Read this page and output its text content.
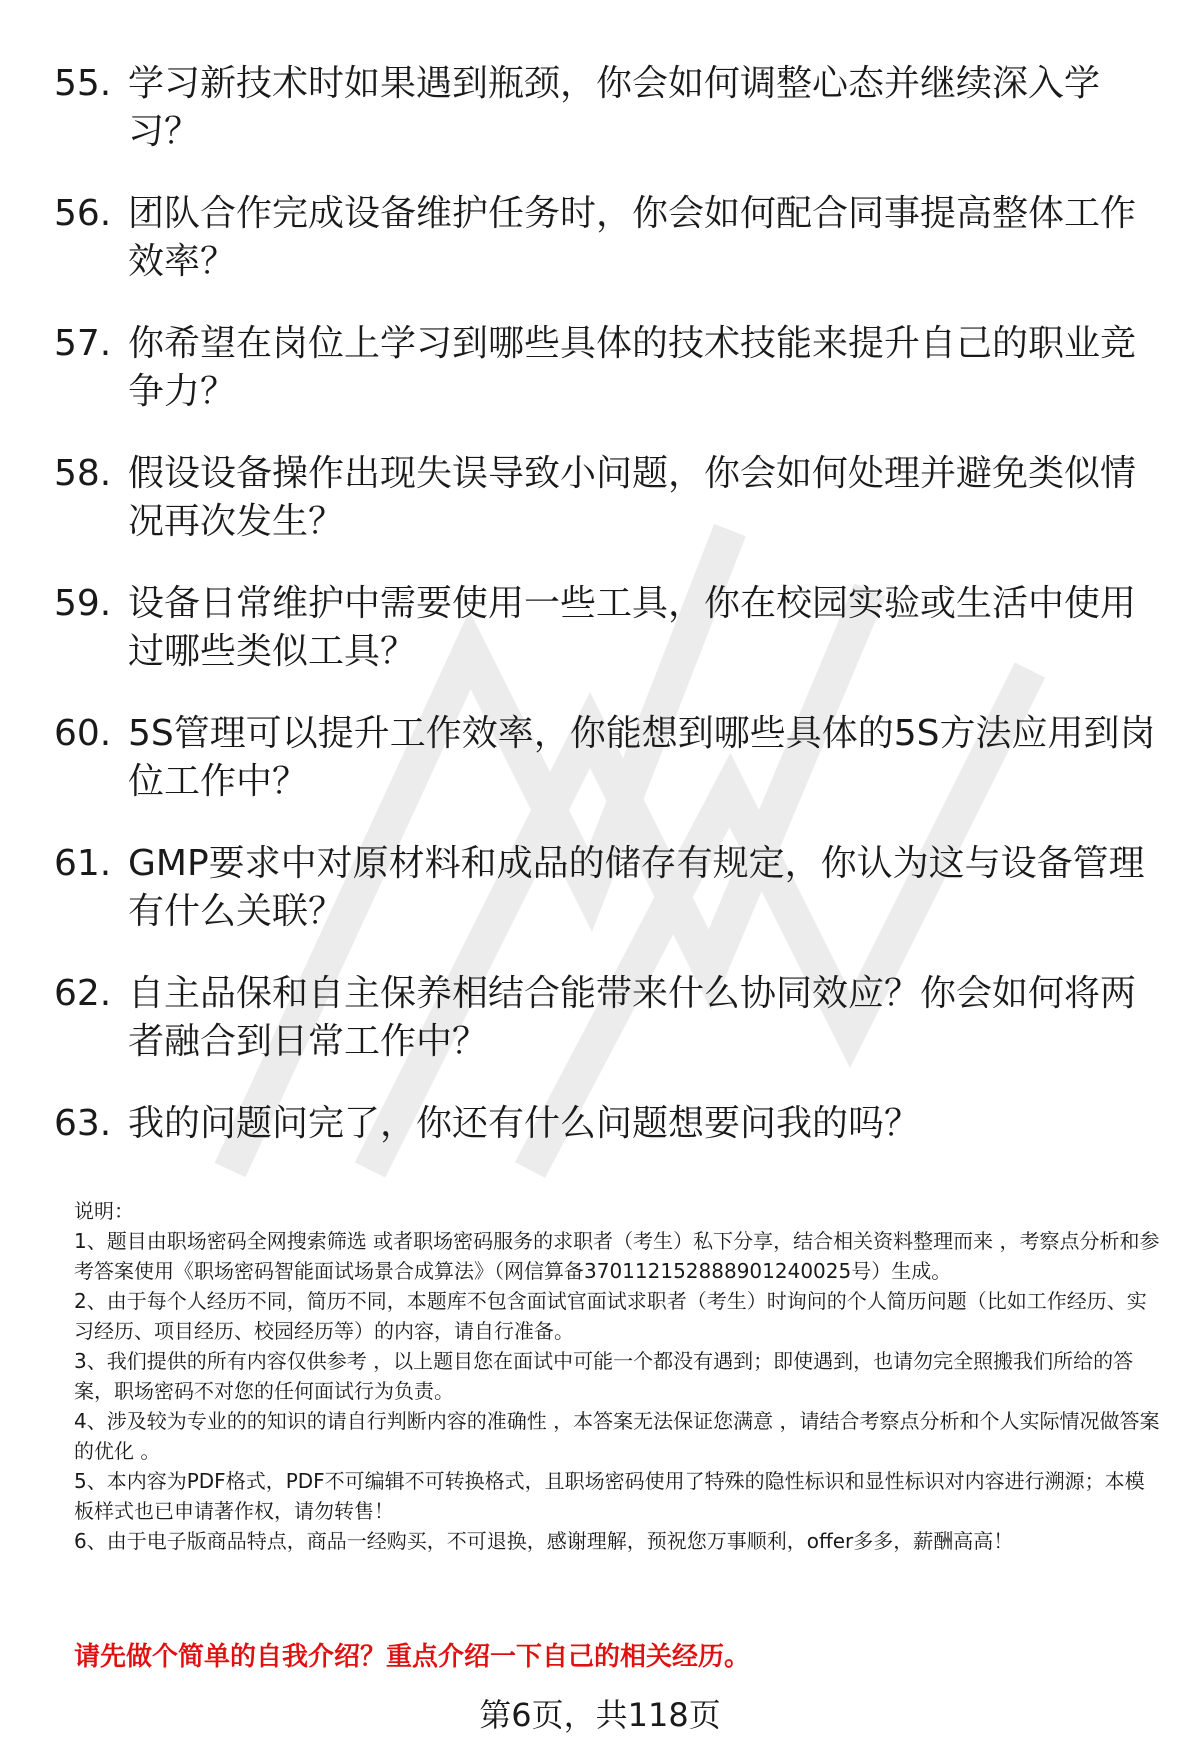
55. 学习新技术时如果遇到瓶颈，你会如何调整心态并继续深入学习？
56. 团队合作完成设备维护任务时，你会如何配合同事提高整体工作效率？
57. 你希望在岗位上学习到哪些具体的技术技能来提升自己的职业竞争力？
58. 假设设备操作出现失误导致小问题，你会如何处理并避免类似情况再次发生？
59. 设备日常维护中需要使用一些工具，你在校园实验或生活中使用过哪些类似工具？
60. 5S管理可以提升工作效率，你能想到哪些具体的5S方法应用到岗位工作中？
61. GMP要求中对原材料和成品的储存有规定，你认为这与设备管理有什么关联？
62. 自主品保和自主保养相结合能带来什么协同效应？你会如何将两者融合到日常工作中？
63. 我的问题问完了，你还有什么问题想要问我的吗？

说明：

1、题目由职场密码全网搜索筛选 或者职场密码服务的求职者（考生）私下分享，结合相关资料整理而来 ，考察点分析和参考答案使用《职场密码智能面试场景合成算法》（网信算备370112152888901240025号）生成。

2、由于每个人经历不同，简历不同，本题库不包含面试官面试求职者（考生）时询问的个人简历问题（比如工作经历、实习经历、项目经历、校园经历等）的内容，请自行准备。

3、我们提供的所有内容仅供参考 ，以上题目您在面试中可能一个都没有遇到；即使遇到，也请勿完全照搬我们所给的答案，职场密码不对您的任何面试行为负责。

4、涉及较为专业的的知识的请自行判断内容的准确性 ，本答案无法保证您满意 ，请结合考察点分析和个人实际情况做答案的优化 。

5、本内容为PDF格式，PDF不可编辑不可转换格式，且职场密码使用了特殊的隐性标识和显性标识对内容进行溯源；本模板样式也已申请著作权，请勿转售！

6、由于电子版商品特点，商品一经购买，不可退换，感谢理解，预祝您万事顺利，offer多多，薪酬高高！

请先做个简单的自我介绍？重点介绍一下自己的相关经历。
第6页，共118页
